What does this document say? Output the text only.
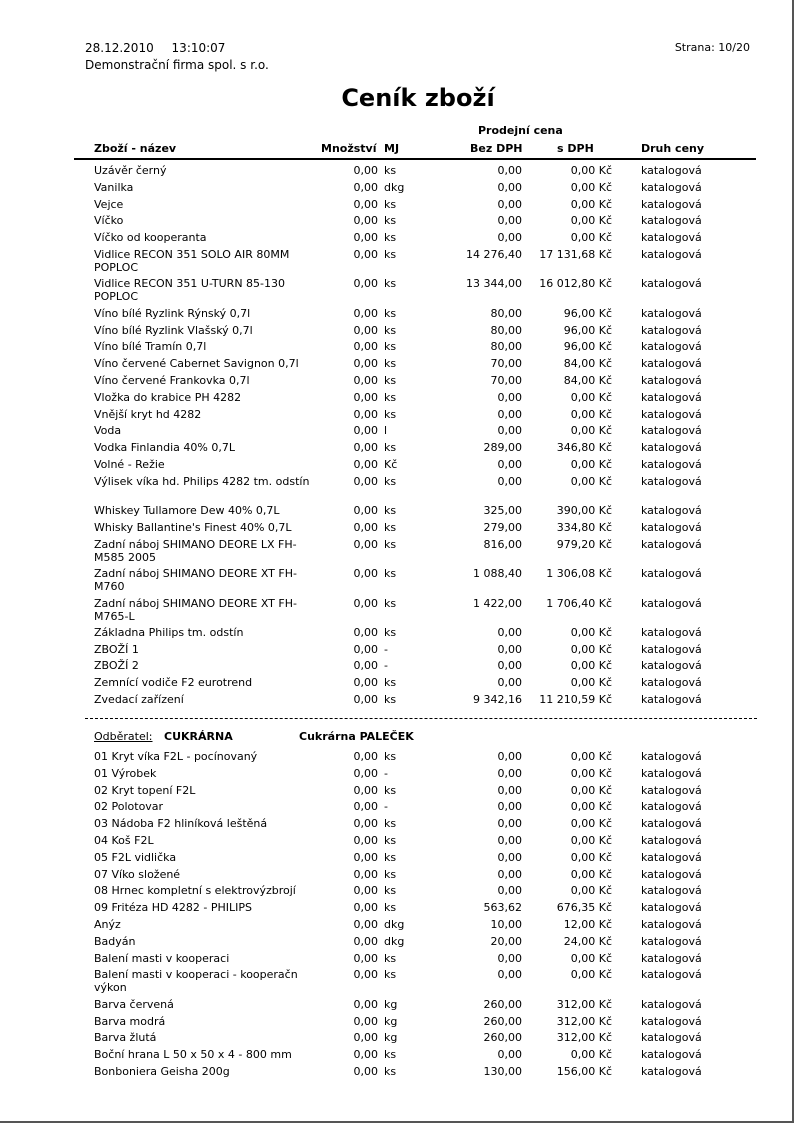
28.12.2010 13:10:07
Demonstrační firma spol. s r.o.
Strana: 10/20
Ceník zboží
Prodejní cena
Zboží - název	Množství MJ	Bez DPH	s DPH	Druh ceny
Uzávěr černý	0,00 ks	0,00	0,00 Kč	katalogová
Vanilka	0,00 dkg	0,00	0,00 Kč	katalogová
Vejce	0,00 ks	0,00	0,00 Kč	katalogová
Víčko	0,00 ks	0,00	0,00 Kč	katalogová
Víčko od kooperanta	0,00 ks	0,00	0,00 Kč	katalogová
Vidlice RECON 351 SOLO AIR 80MM POPLOC
0,00 ks	14 276,40	17 131,68 Kč	katalogová
Vidlice RECON 351 U-TURN 85-130 POPLOC
0,00 ks	13 344,00	16 012,80 Kč	katalogová
Víno bílé Ryzlink Rýnský 0,7l	0,00 ks	80,00	96,00 Kč	katalogová
Víno bílé Ryzlink Vlašský 0,7l	0,00 ks	80,00	96,00 Kč	katalogová
Víno bílé Tramín 0,7l	0,00 ks	80,00	96,00 Kč	katalogová
Víno červené Cabernet Savignon 0,7l	0,00 ks	70,00	84,00 Kč	katalogová
Víno červené Frankovka 0,7l	0,00 ks	70,00	84,00 Kč	katalogová
Vložka do krabice PH 4282	0,00 ks	0,00	0,00 Kč	katalogová
Vnější kryt hd 4282	0,00 ks	0,00	0,00 Kč	katalogová
Voda	0,00 l	0,00	0,00 Kč	katalogová
Vodka Finlandia 40% 0,7L	0,00 ks	289,00	346,80 Kč	katalogová
Volné - Režie	0,00 Kč	0,00	0,00 Kč	katalogová
Výlisek víka hd. Philips 4282 tm. odstín	0,00 ks	0,00	0,00 Kč	katalogová
Whiskey Tullamore Dew 40% 0,7L	0,00 ks	325,00	390,00 Kč	katalogová
Whisky Ballantine's Finest 40% 0,7L	0,00 ks	279,00	334,80 Kč	katalogová
Zadní náboj SHIMANO DEORE LX FH-M585 2005
0,00 ks	816,00	979,20 Kč	katalogová
Zadní náboj SHIMANO DEORE XT FH-M760
0,00 ks	1 088,40	1 306,08 Kč	katalogová
Zadní náboj SHIMANO DEORE XT FH-M765-L
0,00 ks	1 422,00	1 706,40 Kč	katalogová
Základna Philips tm. odstín	0,00 ks	0,00	0,00 Kč	katalogová
ZBOŽÍ 1	0,00 -	0,00	0,00 Kč	katalogová
ZBOŽÍ 2	0,00 -	0,00	0,00 Kč	katalogová
Zemnící vodiče F2 eurotrend	0,00 ks	0,00	0,00 Kč	katalogová
Zvedací zařízení	0,00 ks	9 342,16	11 210,59 Kč	katalogová
Odběratel: CUKRÁRNA	Cukrárna PALEČEK
01 Kryt víka F2L - pocínovaný	0,00 ks	0,00	0,00 Kč	katalogová
01 Výrobek	0,00 -	0,00	0,00 Kč	katalogová
02 Kryt topení F2L	0,00 ks	0,00	0,00 Kč	katalogová
02 Polotovar	0,00 -	0,00	0,00 Kč	katalogová
03 Nádoba F2 hliníková leštěná	0,00 ks	0,00	0,00 Kč	katalogová
04 Koš F2L	0,00 ks	0,00	0,00 Kč	katalogová
05 F2L vidlička	0,00 ks	0,00	0,00 Kč	katalogová
07 Víko složené	0,00 ks	0,00	0,00 Kč	katalogová
08 Hrnec kompletní s elektrovýzbrojí	0,00 ks	0,00	0,00 Kč	katalogová
09 Fritéza HD 4282 - PHILIPS	0,00 ks	563,62	676,35 Kč	katalogová
Anýz	0,00 dkg	10,00	12,00 Kč	katalogová
Badyán	0,00 dkg	20,00	24,00 Kč	katalogová
Balení masti v kooperaci	0,00 ks	0,00	0,00 Kč	katalogová
Balení masti v kooperaci - kooperačn výkon
0,00 ks	0,00	0,00 Kč	katalogová
Barva červená	0,00 kg	260,00	312,00 Kč	katalogová
Barva modrá	0,00 kg	260,00	312,00 Kč	katalogová
Barva žlutá	0,00 kg	260,00	312,00 Kč	katalogová
Boční hrana L 50 x 50 x 4 - 800 mm	0,00 ks	0,00	0,00 Kč	katalogová
Bonboniera Geisha 200g	0,00 ks	130,00	156,00 Kč	katalogová
